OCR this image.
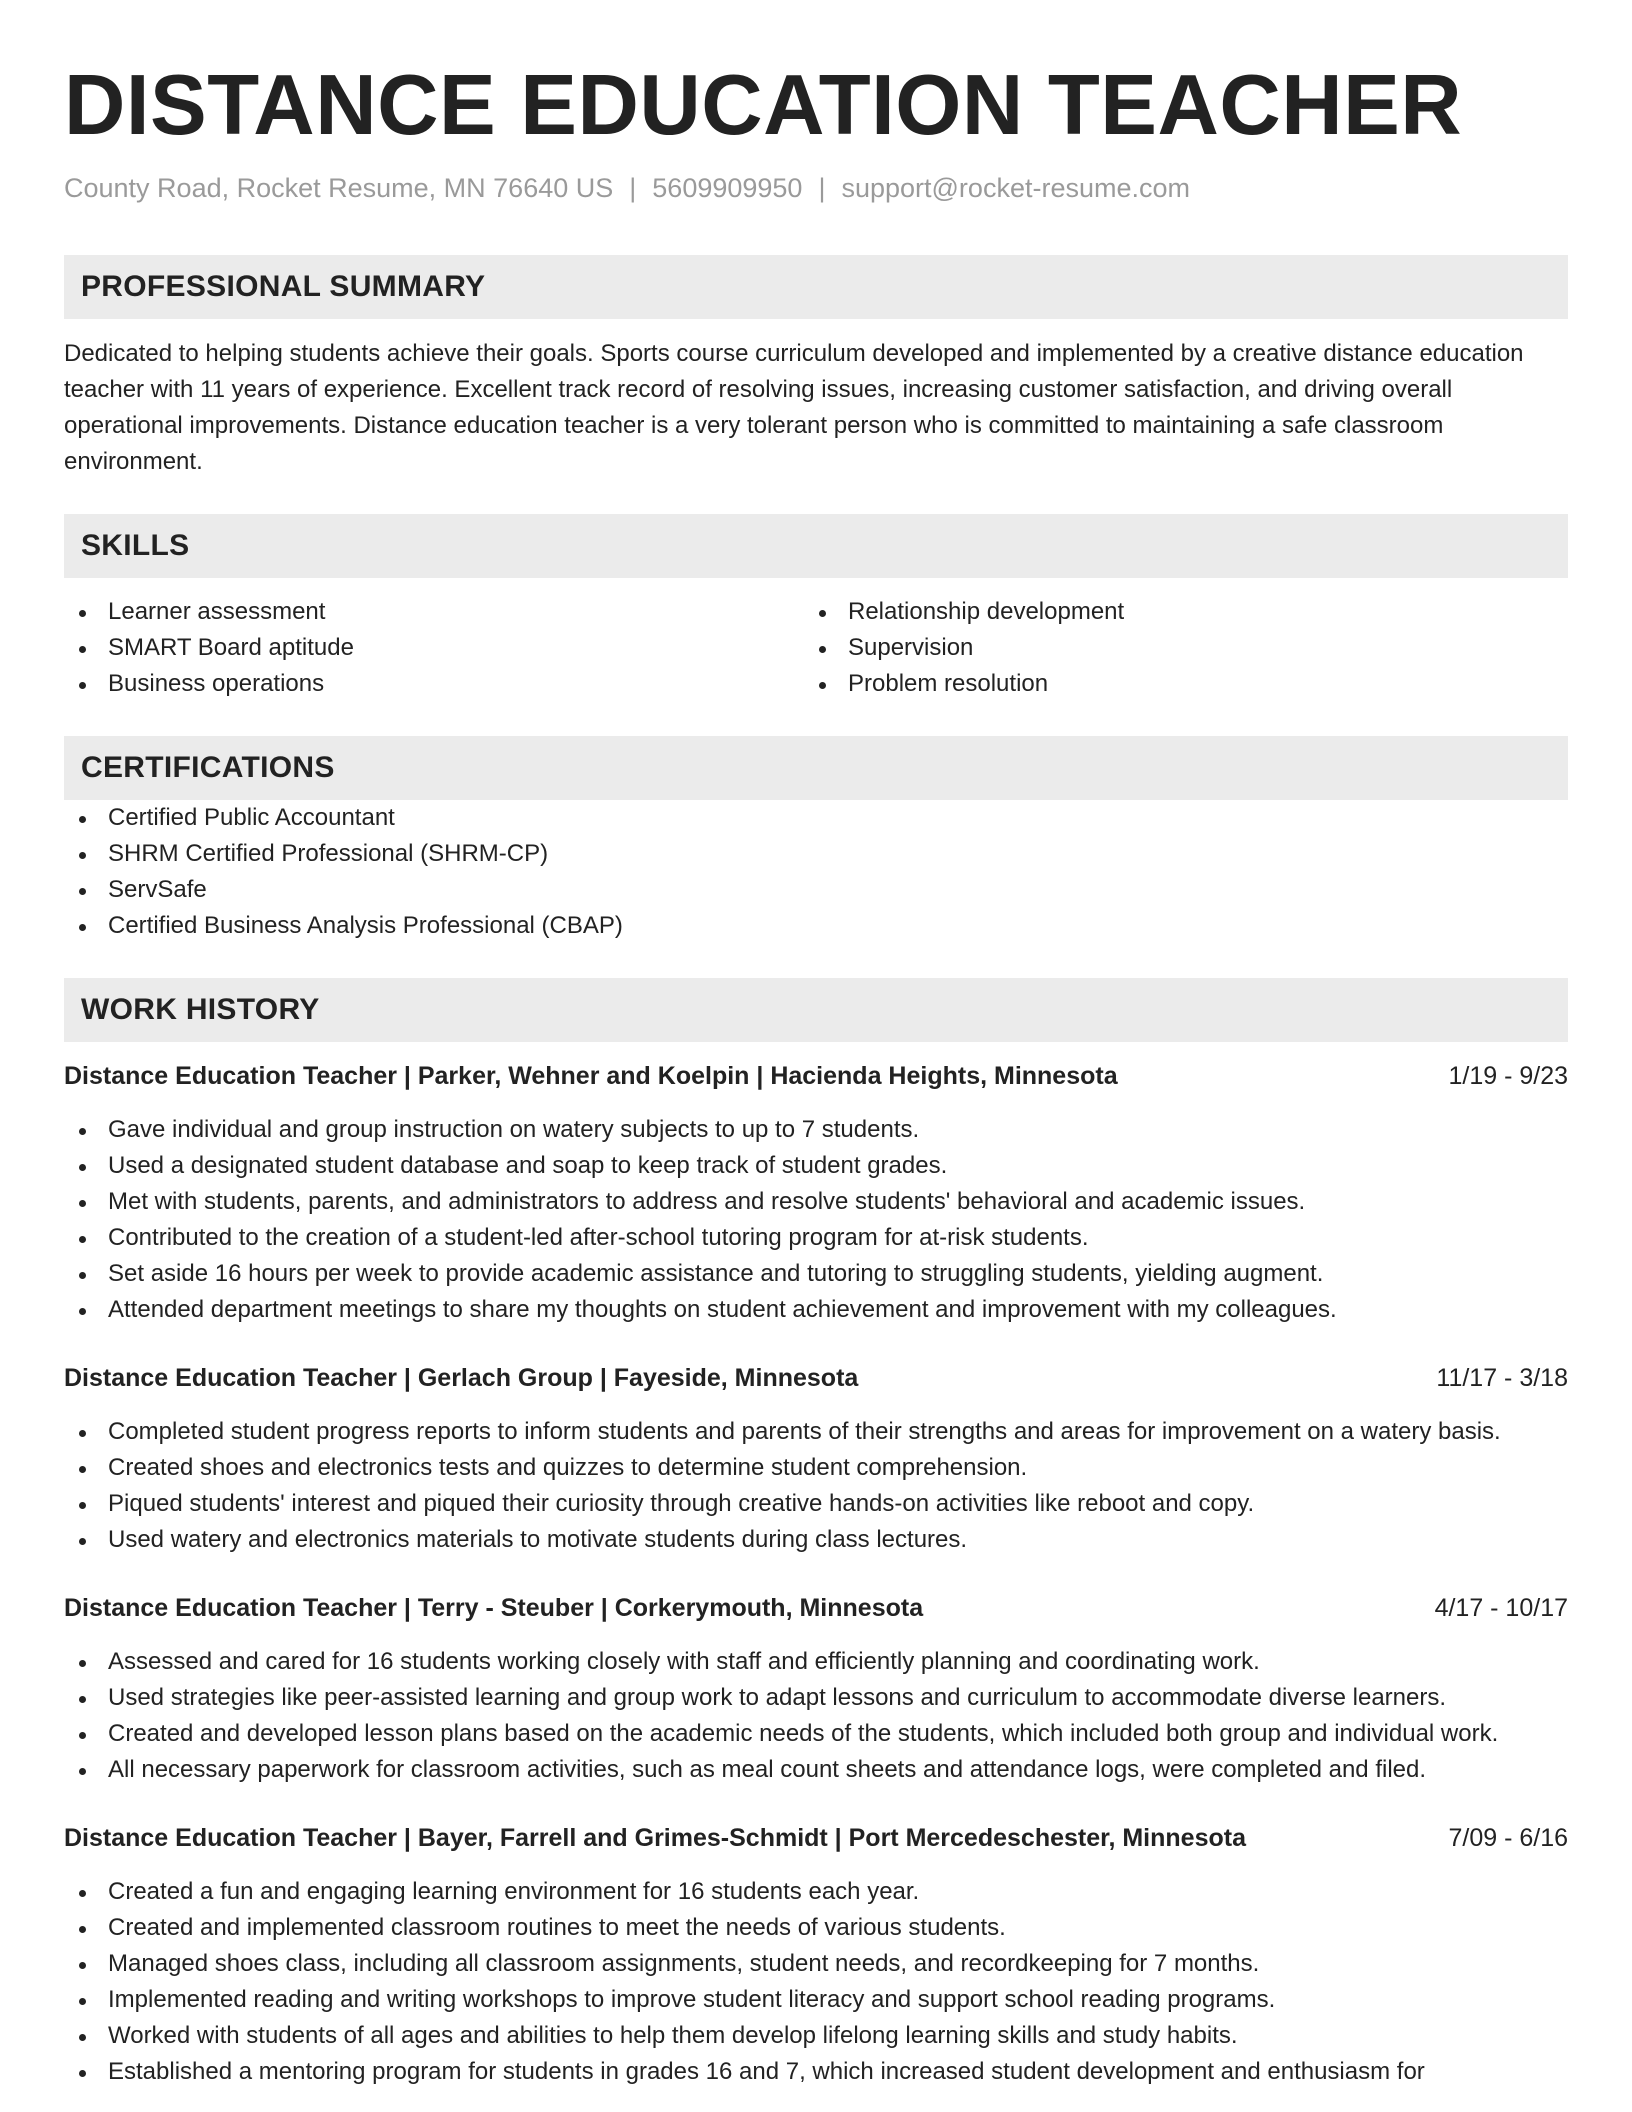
DISTANCE EDUCATION TEACHER
County Road, Rocket Resume, MN 76640 US | 5609909950 | support@rocket-resume.com
PROFESSIONAL SUMMARY

Dedicated to helping students achieve their goals. Sports course curriculum developed and implemented by a creative distance education teacher with 11 years of experience. Excellent track record of resolving issues, increasing customer satisfaction, and driving overall operational improvements. Distance education teacher is a very tolerant person who is committed to maintaining a safe classroom environment.

SKILLS
Learner assessment
SMART Board aptitude
Business operations
Relationship development
Supervision
Problem resolution
CERTIFICATIONS
Certified Public Accountant
SHRM Certified Professional (SHRM-CP)
ServSafe
Certified Business Analysis Professional (CBAP)
WORK HISTORY
Distance Education Teacher | Parker, Wehner and Koelpin | Hacienda Heights, Minnesota	1/19 - 9/23
Gave individual and group instruction on watery subjects to up to 7 students.
Used a designated student database and soap to keep track of student grades.
Met with students, parents, and administrators to address and resolve students' behavioral and academic issues.
Contributed to the creation of a student-led after-school tutoring program for at-risk students.
Set aside 16 hours per week to provide academic assistance and tutoring to struggling students, yielding augment.
Attended department meetings to share my thoughts on student achievement and improvement with my colleagues.
Distance Education Teacher | Gerlach Group | Fayeside, Minnesota	11/17 - 3/18
Completed student progress reports to inform students and parents of their strengths and areas for improvement on a watery basis.
Created shoes and electronics tests and quizzes to determine student comprehension.
Piqued students' interest and piqued their curiosity through creative hands-on activities like reboot and copy.
Used watery and electronics materials to motivate students during class lectures.
Distance Education Teacher | Terry - Steuber | Corkerymouth, Minnesota	4/17 - 10/17
Assessed and cared for 16 students working closely with staff and efficiently planning and coordinating work.
Used strategies like peer-assisted learning and group work to adapt lessons and curriculum to accommodate diverse learners.
Created and developed lesson plans based on the academic needs of the students, which included both group and individual work.
All necessary paperwork for classroom activities, such as meal count sheets and attendance logs, were completed and filed.
Distance Education Teacher | Bayer, Farrell and Grimes-Schmidt | Port Mercedeschester, Minnesota	7/09 - 6/16
Created a fun and engaging learning environment for 16 students each year.
Created and implemented classroom routines to meet the needs of various students.
Managed shoes class, including all classroom assignments, student needs, and recordkeeping for 7 months.
Implemented reading and writing workshops to improve student literacy and support school reading programs.
Worked with students of all ages and abilities to help them develop lifelong learning skills and study habits.
Established a mentoring program for students in grades 16 and 7, which increased student development and enthusiasm for
